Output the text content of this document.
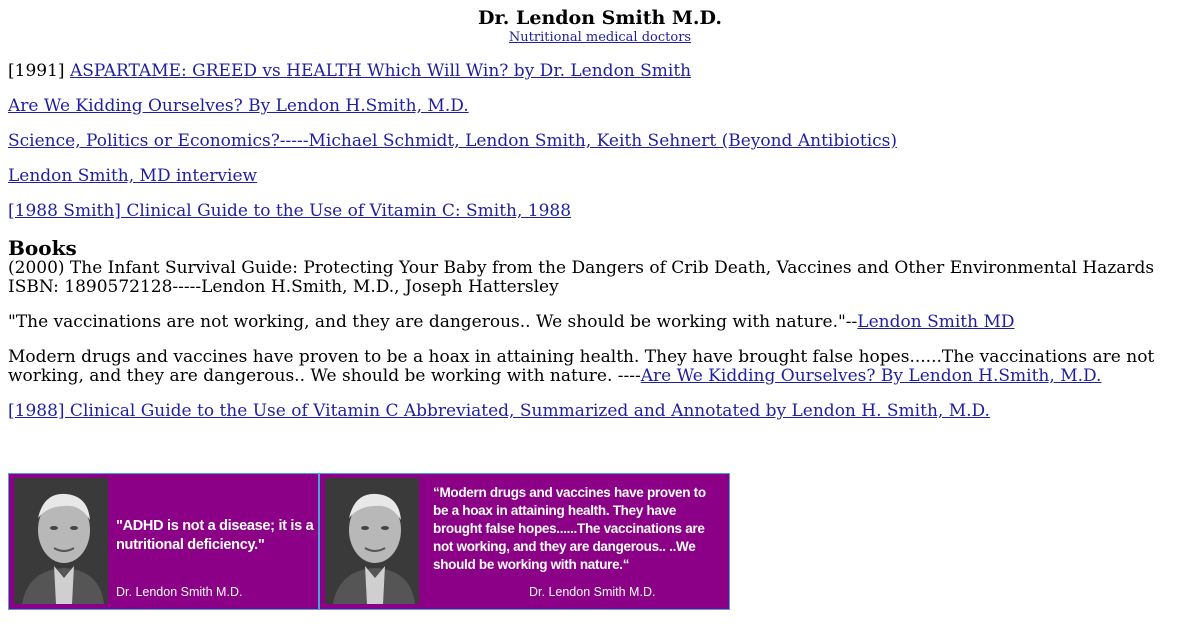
Dr. Lendon Smith M.D.
Nutritional medical doctors

[1991] ASPARTAME: GREED vs HEALTH Which Will Win? by Dr. Lendon Smith

Are We Kidding Ourselves? By Lendon H.Smith, M.D.

Science, Politics or Economics?-----Michael Schmidt, Lendon Smith, Keith Sehnert (Beyond Antibiotics)

Lendon Smith, MD interview

[1988 Smith] Clinical Guide to the Use of Vitamin C: Smith, 1988

Books

(2000) The Infant Survival Guide: Protecting Your Baby from the Dangers of Crib Death, Vaccines and Other Environmental Hazards ISBN: 1890572128-----Lendon H.Smith, M.D., Joseph Hattersley

"The vaccinations are not working, and they are dangerous.. We should be working with nature."--Lendon Smith MD

Modern drugs and vaccines have proven to be a hoax in attaining health. They have brought false hopes......The vaccinations are not working, and they are dangerous.. We should be working with nature. ----Are We Kidding Ourselves? By Lendon H.Smith, M.D.

[1988] Clinical Guide to the Use of Vitamin C Abbreviated, Summarized and Annotated by Lendon H. Smith, M.D.

"ADHD is not a disease; it is a nutritional deficiency."
Dr. Lendon Smith M.D.
“Modern drugs and vaccines have proven to be a hoax in attaining health. They have brought false hopes......The vaccinations are not working, and they are dangerous.. ..We should be working with nature.“
Dr. Lendon Smith M.D.
